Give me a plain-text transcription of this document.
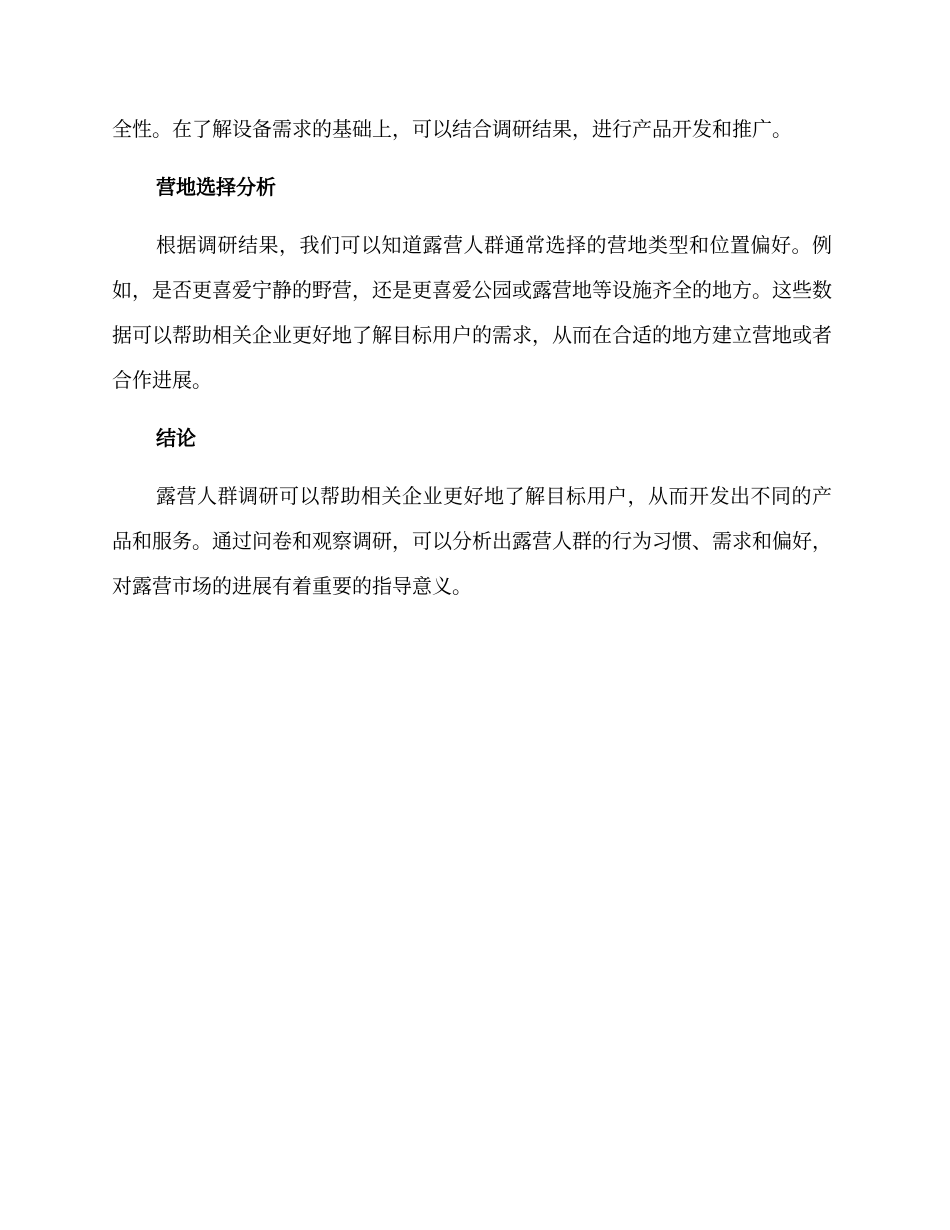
全性。在了解设备需求的基础上，可以结合调研结果，进行产品开发和推广。

营地选择分析

根据调研结果，我们可以知道露营人群通常选择的营地类型和位置偏好。例如，是否更喜爱宁静的野营，还是更喜爱公园或露营地等设施齐全的地方。这些数据可以帮助相关企业更好地了解目标用户的需求，从而在合适的地方建立营地或者合作进展。

结论

露营人群调研可以帮助相关企业更好地了解目标用户，从而开发出不同的产品和服务。通过问卷和观察调研，可以分析出露营人群的行为习惯、需求和偏好，对露营市场的进展有着重要的指导意义。
